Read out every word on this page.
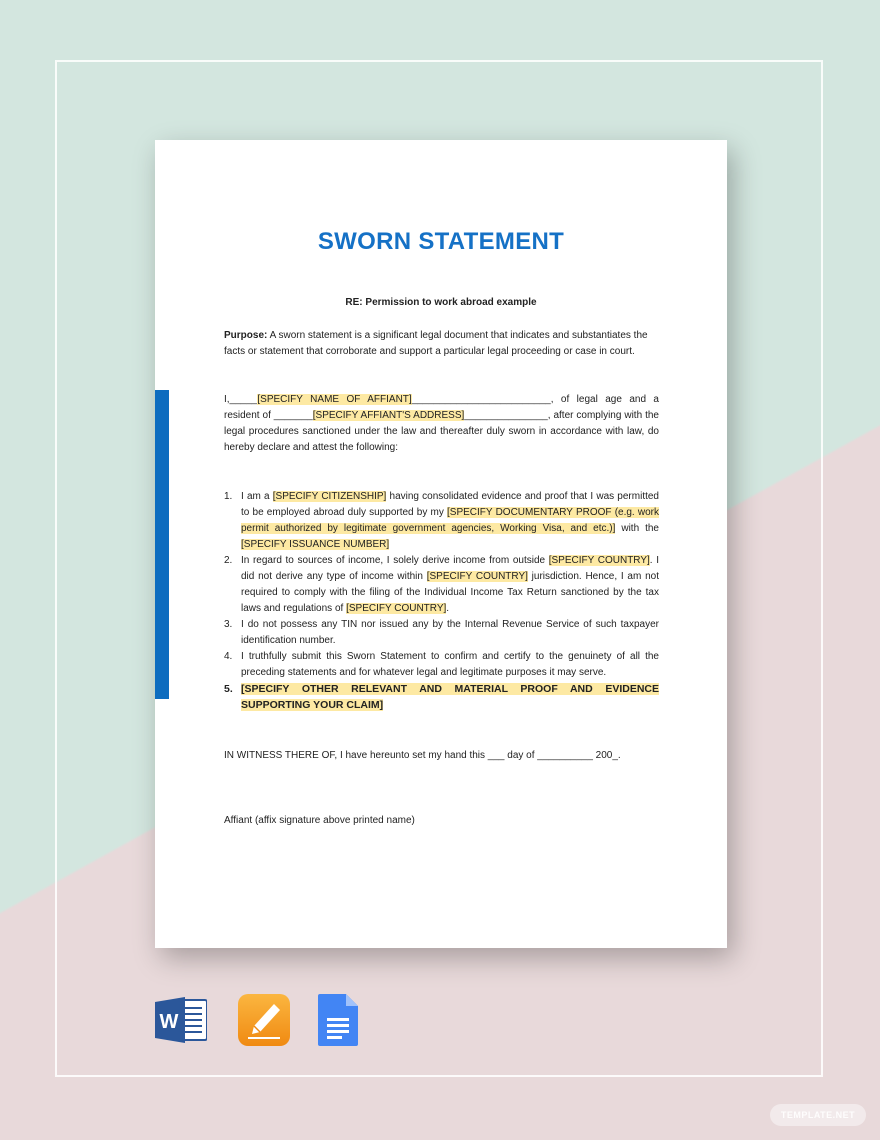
SWORN STATEMENT
RE: Permission to work abroad example
Purpose: A sworn statement is a significant legal document that indicates and substantiates the facts or statement that corroborate and support a particular legal proceeding or case in court.
I,_____[SPECIFY NAME OF AFFIANT]_________________________, of legal age and a resident of _______[SPECIFY AFFIANT'S ADDRESS]_______________, after complying with the legal procedures sanctioned under the law and thereafter duly sworn in accordance with law, do hereby declare and attest the following:
1. I am a [SPECIFY CITIZENSHIP] having consolidated evidence and proof that I was permitted to be employed abroad duly supported by my [SPECIFY DOCUMENTARY PROOF (e.g. work permit authorized by legitimate government agencies, Working Visa, and etc.)] with the [SPECIFY ISSUANCE NUMBER]
2. In regard to sources of income, I solely derive income from outside [SPECIFY COUNTRY]. I did not derive any type of income within [SPECIFY COUNTRY] jurisdiction. Hence, I am not required to comply with the filing of the Individual Income Tax Return sanctioned by the tax laws and regulations of [SPECIFY COUNTRY].
3. I do not possess any TIN nor issued any by the Internal Revenue Service of such taxpayer identification number.
4. I truthfully submit this Sworn Statement to confirm and certify to the genuinety of all the preceding statements and for whatever legal and legitimate purposes it may serve.
5. [SPECIFY OTHER RELEVANT AND MATERIAL PROOF AND EVIDENCE SUPPORTING YOUR CLAIM]
IN WITNESS THERE OF, I have hereunto set my hand this ___ day of __________ 200_.
Affiant (affix signature above printed name)
W
TEMPLATE.NET
